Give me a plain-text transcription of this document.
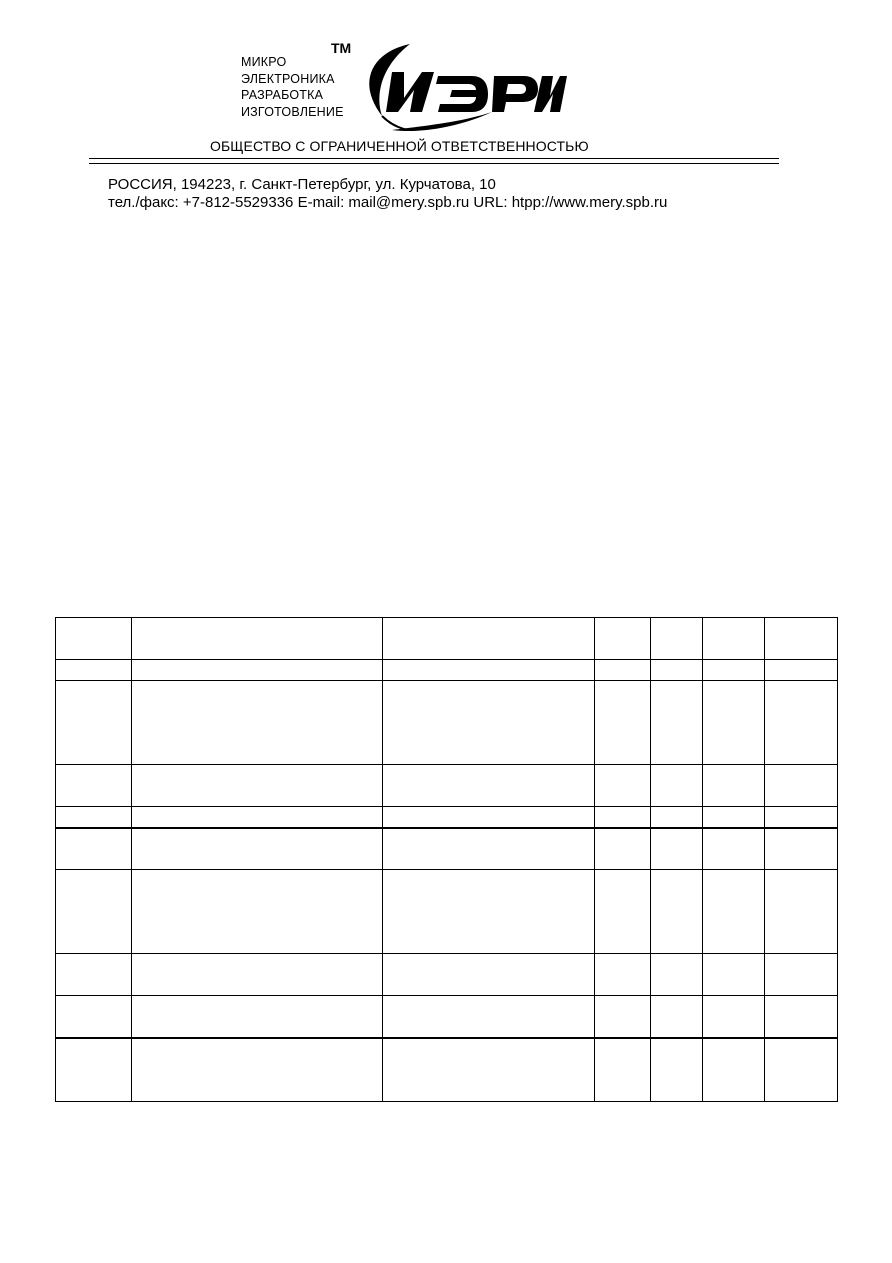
МИКРО
ЭЛЕКТРОНИКА
РАЗРАБОТКА
ИЗГОТОВЛЕНИЕ
TM
ОБЩЕСТВО С ОГРАНИЧЕННОЙ ОТВЕТСТВЕННОСТЬЮ
РОССИЯ, 194223, г. Санкт-Петербург, ул. Курчатова, 10
тел./факс: +7-812-5529336 E-mail: mail@mery.spb.ru URL: htpp://www.mery.spb.ru
